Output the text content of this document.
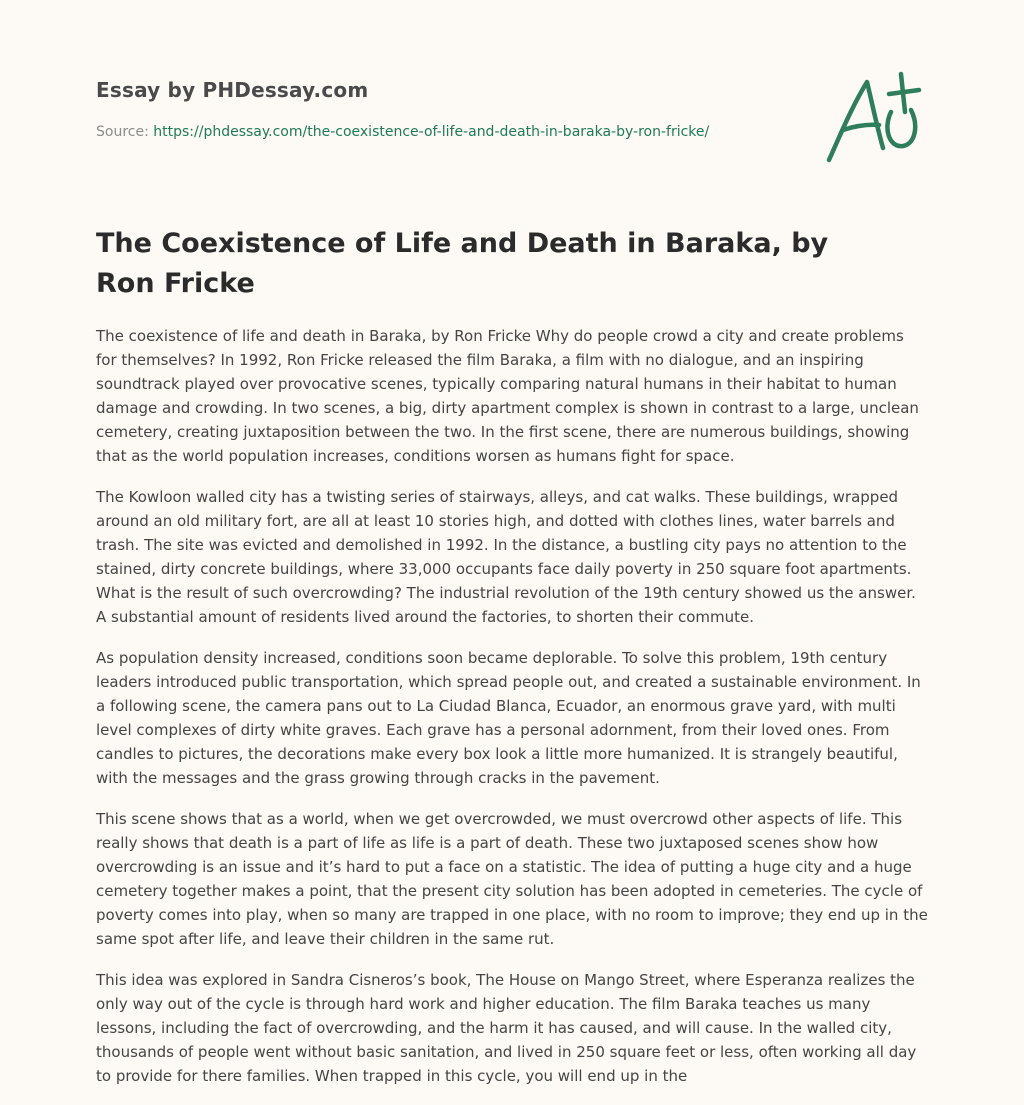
Essay by PHDessay.com
Source: https://phdessay.com/the-coexistence-of-life-and-death-in-baraka-by-ron-fricke/
The Coexistence of Life and Death in Baraka, by Ron Fricke

The coexistence of life and death in Baraka, by Ron Fricke Why do people crowd a city and create problems for themselves? In 1992, Ron Fricke released the film Baraka, a film with no dialogue, and an inspiring soundtrack played over provocative scenes, typically comparing natural humans in their habitat to human damage and crowding. In two scenes, a big, dirty apartment complex is shown in contrast to a large, unclean cemetery, creating juxtaposition between the two. In the first scene, there are numerous buildings, showing that as the world population increases, conditions worsen as humans fight for space.

The Kowloon walled city has a twisting series of stairways, alleys, and cat walks. These buildings, wrapped around an old military fort, are all at least 10 stories high, and dotted with clothes lines, water barrels and trash. The site was evicted and demolished in 1992. In the distance, a bustling city pays no attention to the stained, dirty concrete buildings, where 33,000 occupants face daily poverty in 250 square foot apartments. What is the result of such overcrowding? The industrial revolution of the 19th century showed us the answer. A substantial amount of residents lived around the factories, to shorten their commute.

As population density increased, conditions soon became deplorable. To solve this problem, 19th century leaders introduced public transportation, which spread people out, and created a sustainable environment. In a following scene, the camera pans out to La Ciudad Blanca, Ecuador, an enormous grave yard, with multi level complexes of dirty white graves. Each grave has a personal adornment, from their loved ones. From candles to pictures, the decorations make every box look a little more humanized. It is strangely beautiful, with the messages and the grass growing through cracks in the pavement.

This scene shows that as a world, when we get overcrowded, we must overcrowd other aspects of life. This really shows that death is a part of life as life is a part of death. These two juxtaposed scenes show how overcrowding is an issue and it’s hard to put a face on a statistic. The idea of putting a huge city and a huge cemetery together makes a point, that the present city solution has been adopted in cemeteries. The cycle of poverty comes into play, when so many are trapped in one place, with no room to improve; they end up in the same spot after life, and leave their children in the same rut.

This idea was explored in Sandra Cisneros’s book, The House on Mango Street, where Esperanza realizes the only way out of the cycle is through hard work and higher education. The film Baraka teaches us many lessons, including the fact of overcrowding, and the harm it has caused, and will cause. In the walled city, thousands of people went without basic sanitation, and lived in 250 square feet or less, often working all day to provide for there families. When trapped in this cycle, you will end up in the
